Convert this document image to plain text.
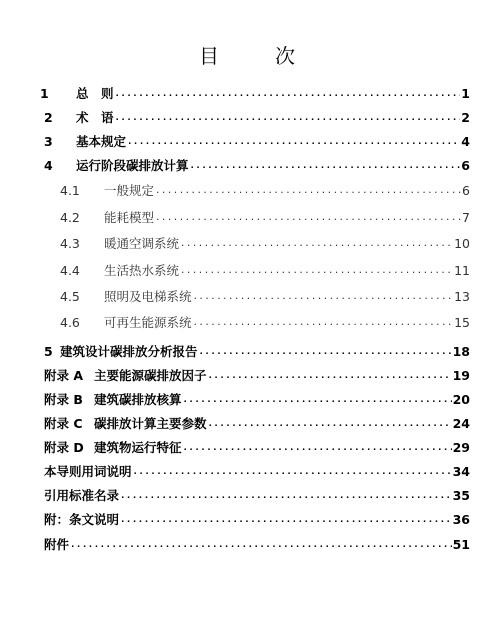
目　次
1	总　则 .....	1
2	术　语 .....	2
3	基本规定 .....	4
4	运行阶段碳排放计算 .....	6
4.1	一般规定 .....	6
4.2	能耗模型 .....	7
4.3	暖通空调系统 .....	10
4.4	生活热水系统 .....	11
4.5	照明及电梯系统 .....	13
4.6	可再生能源系统 .....	15
5 建筑设计碳排放分析报告 .....	18
附录 A 主要能源碳排放因子 .....	19
附录 B 建筑碳排放核算 .....	20
附录 C 碳排放计算主要参数 .....	24
附录 D 建筑物运行特征 .....	29
本导则用词说明 .....	34
引用标准名录 .....	35
附：条文说明 .....	36
附件 .....	51
